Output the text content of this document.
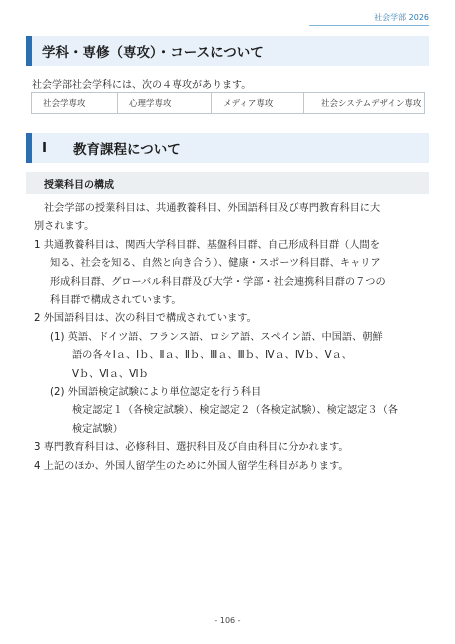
社会学部 2026
学科・専修（専攻）・コースについて
社会学部社会学科には、次の４専攻があります。
社会学専攻	心理学専攻	メディア専攻	社会システムデザイン専攻
Ⅰ 教育課程について
授業科目の構成
社会学部の授業科目は、共通教養科目、外国語科目及び専門教育科目に大
別されます。
1 共通教養科目は、関西大学科目群、基盤科目群、自己形成科目群（人間を
知る、社会を知る、自然と向き合う）、健康・スポーツ科目群、キャリア
形成科目群、グローバル科目群及び大学・学部・社会連携科目群の７つの
科目群で構成されています。
2 外国語科目は、次の科目で構成されています。
(1) 英語、ドイツ語、フランス語、ロシア語、スペイン語、中国語、朝鮮
語の各々Ⅰａ、Ⅰｂ、Ⅱａ、Ⅱｂ、Ⅲａ、Ⅲｂ、Ⅳａ、Ⅳｂ、Ⅴａ、
Ⅴｂ、Ⅵａ、Ⅵｂ
(2) 外国語検定試験により単位認定を行う科目
検定認定１（各検定試験）、検定認定２（各検定試験）、検定認定３（各
検定試験）
3 専門教育科目は、必修科目、選択科目及び自由科目に分かれます。
4 上記のほか、外国人留学生のために外国人留学生科目があります。
- 106 -
